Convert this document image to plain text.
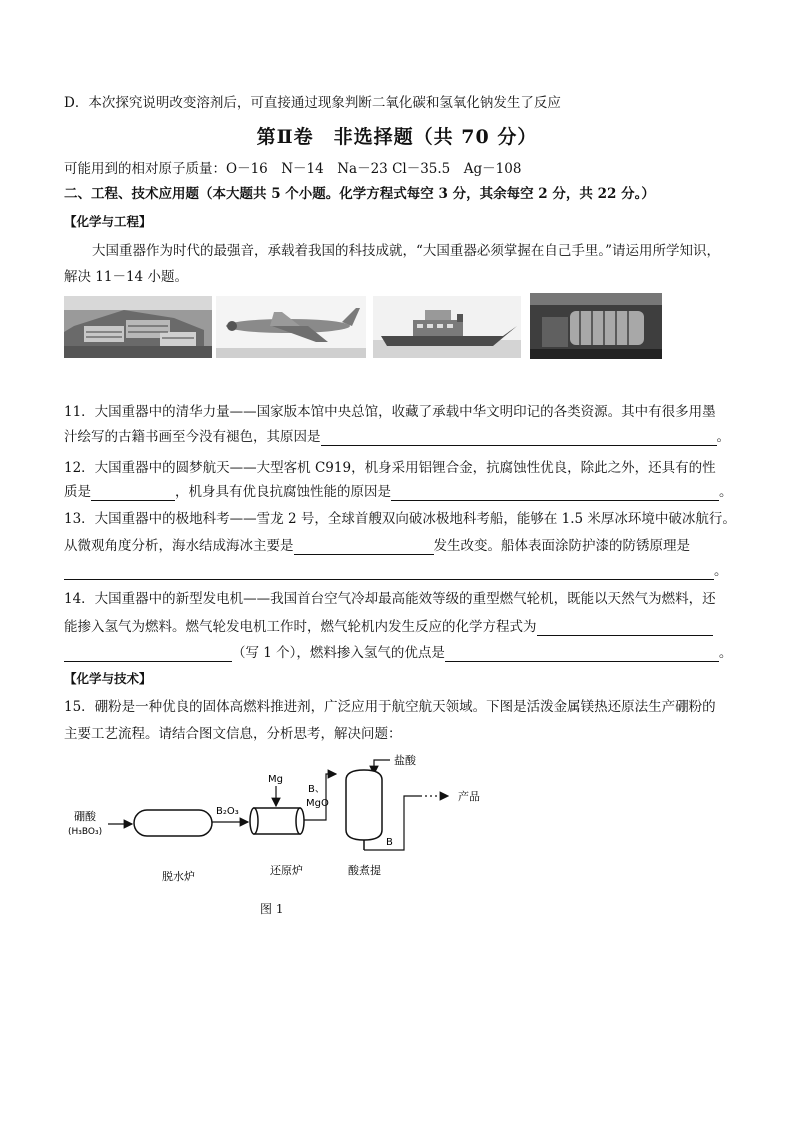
D．本次探究说明改变溶剂后，可直接通过现象判断二氧化碳和氢氧化钠发生了反应
第Ⅱ卷　非选择题（共 70 分）
可能用到的相对原子质量：O－16　N－14　Na－23 Cl－35.5　Ag－108
二、工程、技术应用题（本大题共 5 个小题。化学方程式每空 3 分，其余每空 2 分，共 22 分。）
【化学与工程】
大国重器作为时代的最强音，承载着我国的科技成就，“大国重器必须掌握在自己手里。”请运用所学知识，
解决 11－14 小题。
11．大国重器中的清华力量——国家版本馆中央总馆，收藏了承载中华文明印记的各类资源。其中有很多用墨
汁绘写的古籍书画至今没有褪色，其原因是	。
12．大国重器中的圆梦航天——大型客机 C919，机身采用铝锂合金，抗腐蚀性优良，除此之外，还具有的性
质是	，机身具有优良抗腐蚀性能的原因是	。
13．大国重器中的极地科考——雪龙 2 号，全球首艘双向破冰极地科考船，能够在 1.5 米厚冰环境中破冰航行。
从微观角度分析，海水结成海冰主要是	发生改变。船体表面涂防护漆的防锈原理是
。
14．大国重器中的新型发电机——我国首台空气冷却最高能效等级的重型燃气轮机，既能以天然气为燃料，还
能掺入氢气为燃料。燃气轮发电机工作时，燃气轮机内发生反应的化学方程式为
（写 1 个），燃料掺入氢气的优点是	。
【化学与技术】
15．硼粉是一种优良的固体高燃料推进剂，广泛应用于航空航天领域。下图是活泼金属镁热还原法生产硼粉的
主要工艺流程。请结合图文信息，分析思考，解决问题：
硼酸
(H₃BO₃)
B₂O₃
Mg
B、
MgO
盐酸
B
产品
脱水炉	还原炉	酸煮提
图 1
